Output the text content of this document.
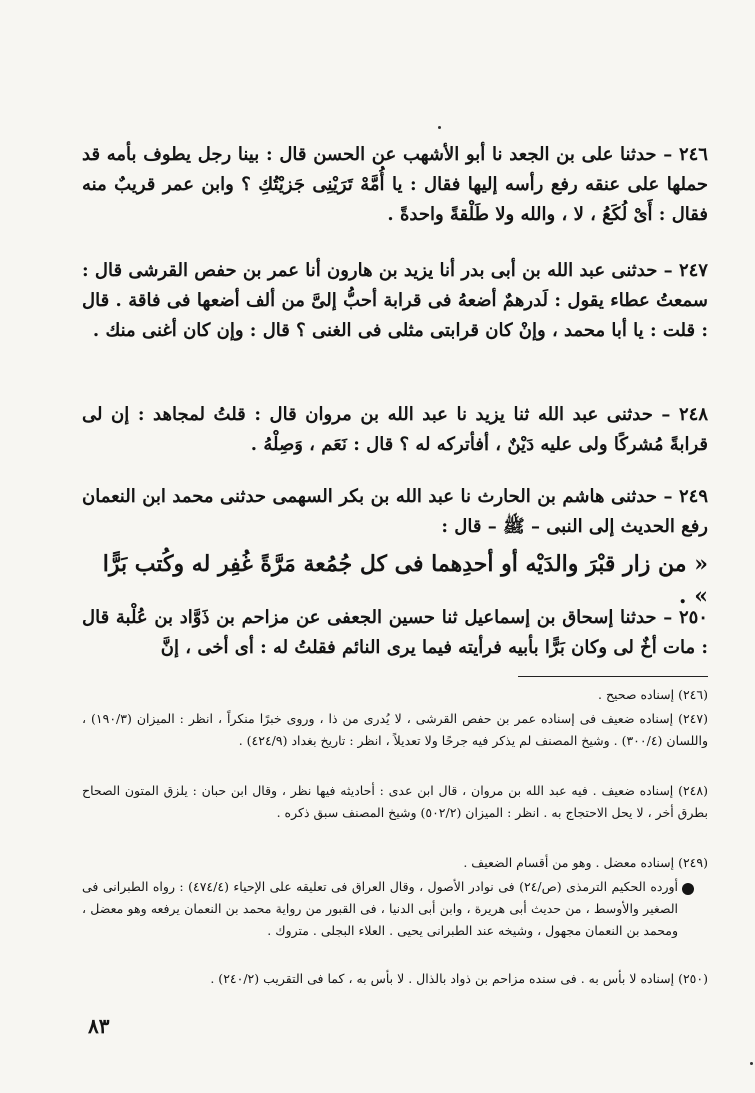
٢٤٦ – حدثنا على بن الجعد نا أبو الأشهب عن الحسن قال : بينا رجل يطوف بأمه قد حملها على عنقه رفع رأسه إليها فقال : يا أُمَّهْ تَرَيْنِى جَزيْتُكِ ؟ وابن عمر قريبٌ منه فقال : أَىْ لُكَعُ ، لا ، والله ولا طَلْقةً واحدةً .
٢٤٧ – حدثنى عبد الله بن أبى بدر أنا يزيد بن هارون أنا عمر بن حفص القرشى قال : سمعتُ عطاء يقول : لَدرهمٌ أضعهُ فى قرابة أحبُّ إلىَّ من ألف أضعها فى فاقة . قال : قلت : يا أبا محمد ، وإنْ كان قرابتى مثلى فى الغنى ؟ قال : وإن كان أغنى منك .
٢٤٨ – حدثنى عبد الله ثنا يزيد نا عبد الله بن مروان قال : قلتُ لمجاهد : إن لى قرابةً مُشركًا ولى عليه دَيْنٌ ، أفأتركه له ؟ قال : نَعَم ، وَصِلْهُ .
٢٤٩ – حدثنى هاشم بن الحارث نا عبد الله بن بكر السهمى حدثنى محمد ابن النعمان رفع الحديث إلى النبى – ﷺ – قال :
« من زار قبْرَ والدَيْه أو أحدِهما فى كل جُمُعة مَرَّةً غُفِر له وكُتب بَرًّا » .
٢٥٠ – حدثنا إسحاق بن إسماعيل ثنا حسين الجعفى عن مزاحم بن ذَوَّاد بن عُلْبة قال : مات أخٌ لى وكان بَرًّا بأبيه فرأيته فيما يرى النائم فقلتُ له : أى أخى ، إنَّ
(٢٤٦) إسناده صحيح .
(٢٤٧) إسناده ضعيف فى إسناده عمر بن حفص القرشى ، لا يُدرى من ذا ، وروى خبرًا منكراً ، انظر : الميزان (١٩٠/٣) ، واللسان (٣٠٠/٤) . وشيخ المصنف لم يذكر فيه جرحًا ولا تعديلاً ، انظر : تاريخ بغداد (٤٢٤/٩) .
(٢٤٨) إسناده ضعيف . فيه عبد الله بن مروان ، قال ابن عدى : أحاديثه فيها نظر ، وقال ابن حبان : يلزق المتون الصحاح بطرق أخر ، لا يحل الاحتجاج به . انظر : الميزان (٥٠٢/٢) وشيخ المصنف سبق ذكره .
(٢٤٩) إسناده معضل . وهو من أقسام الضعيف .
أورده الحكيم الترمذى (ص/٢٤) فى نوادر الأصول ، وقال العراق فى تعليقه على الإحياء (٤٧٤/٤) : رواه الطبرانى فى الصغير والأوسط ، من حديث أبى هريرة ، وابن أبى الدنيا ، فى القبور من رواية محمد بن النعمان يرفعه وهو معضل ، ومحمد بن النعمان مجهول ، وشيخه عند الطبرانى يحيى . العلاء البجلى . متروك .
(٢٥٠) إسناده لا بأس به . فى سنده مزاحم بن ذواد بالذال . لا بأس به ، كما فى التقريب (٢٤٠/٢) .
٨٣
